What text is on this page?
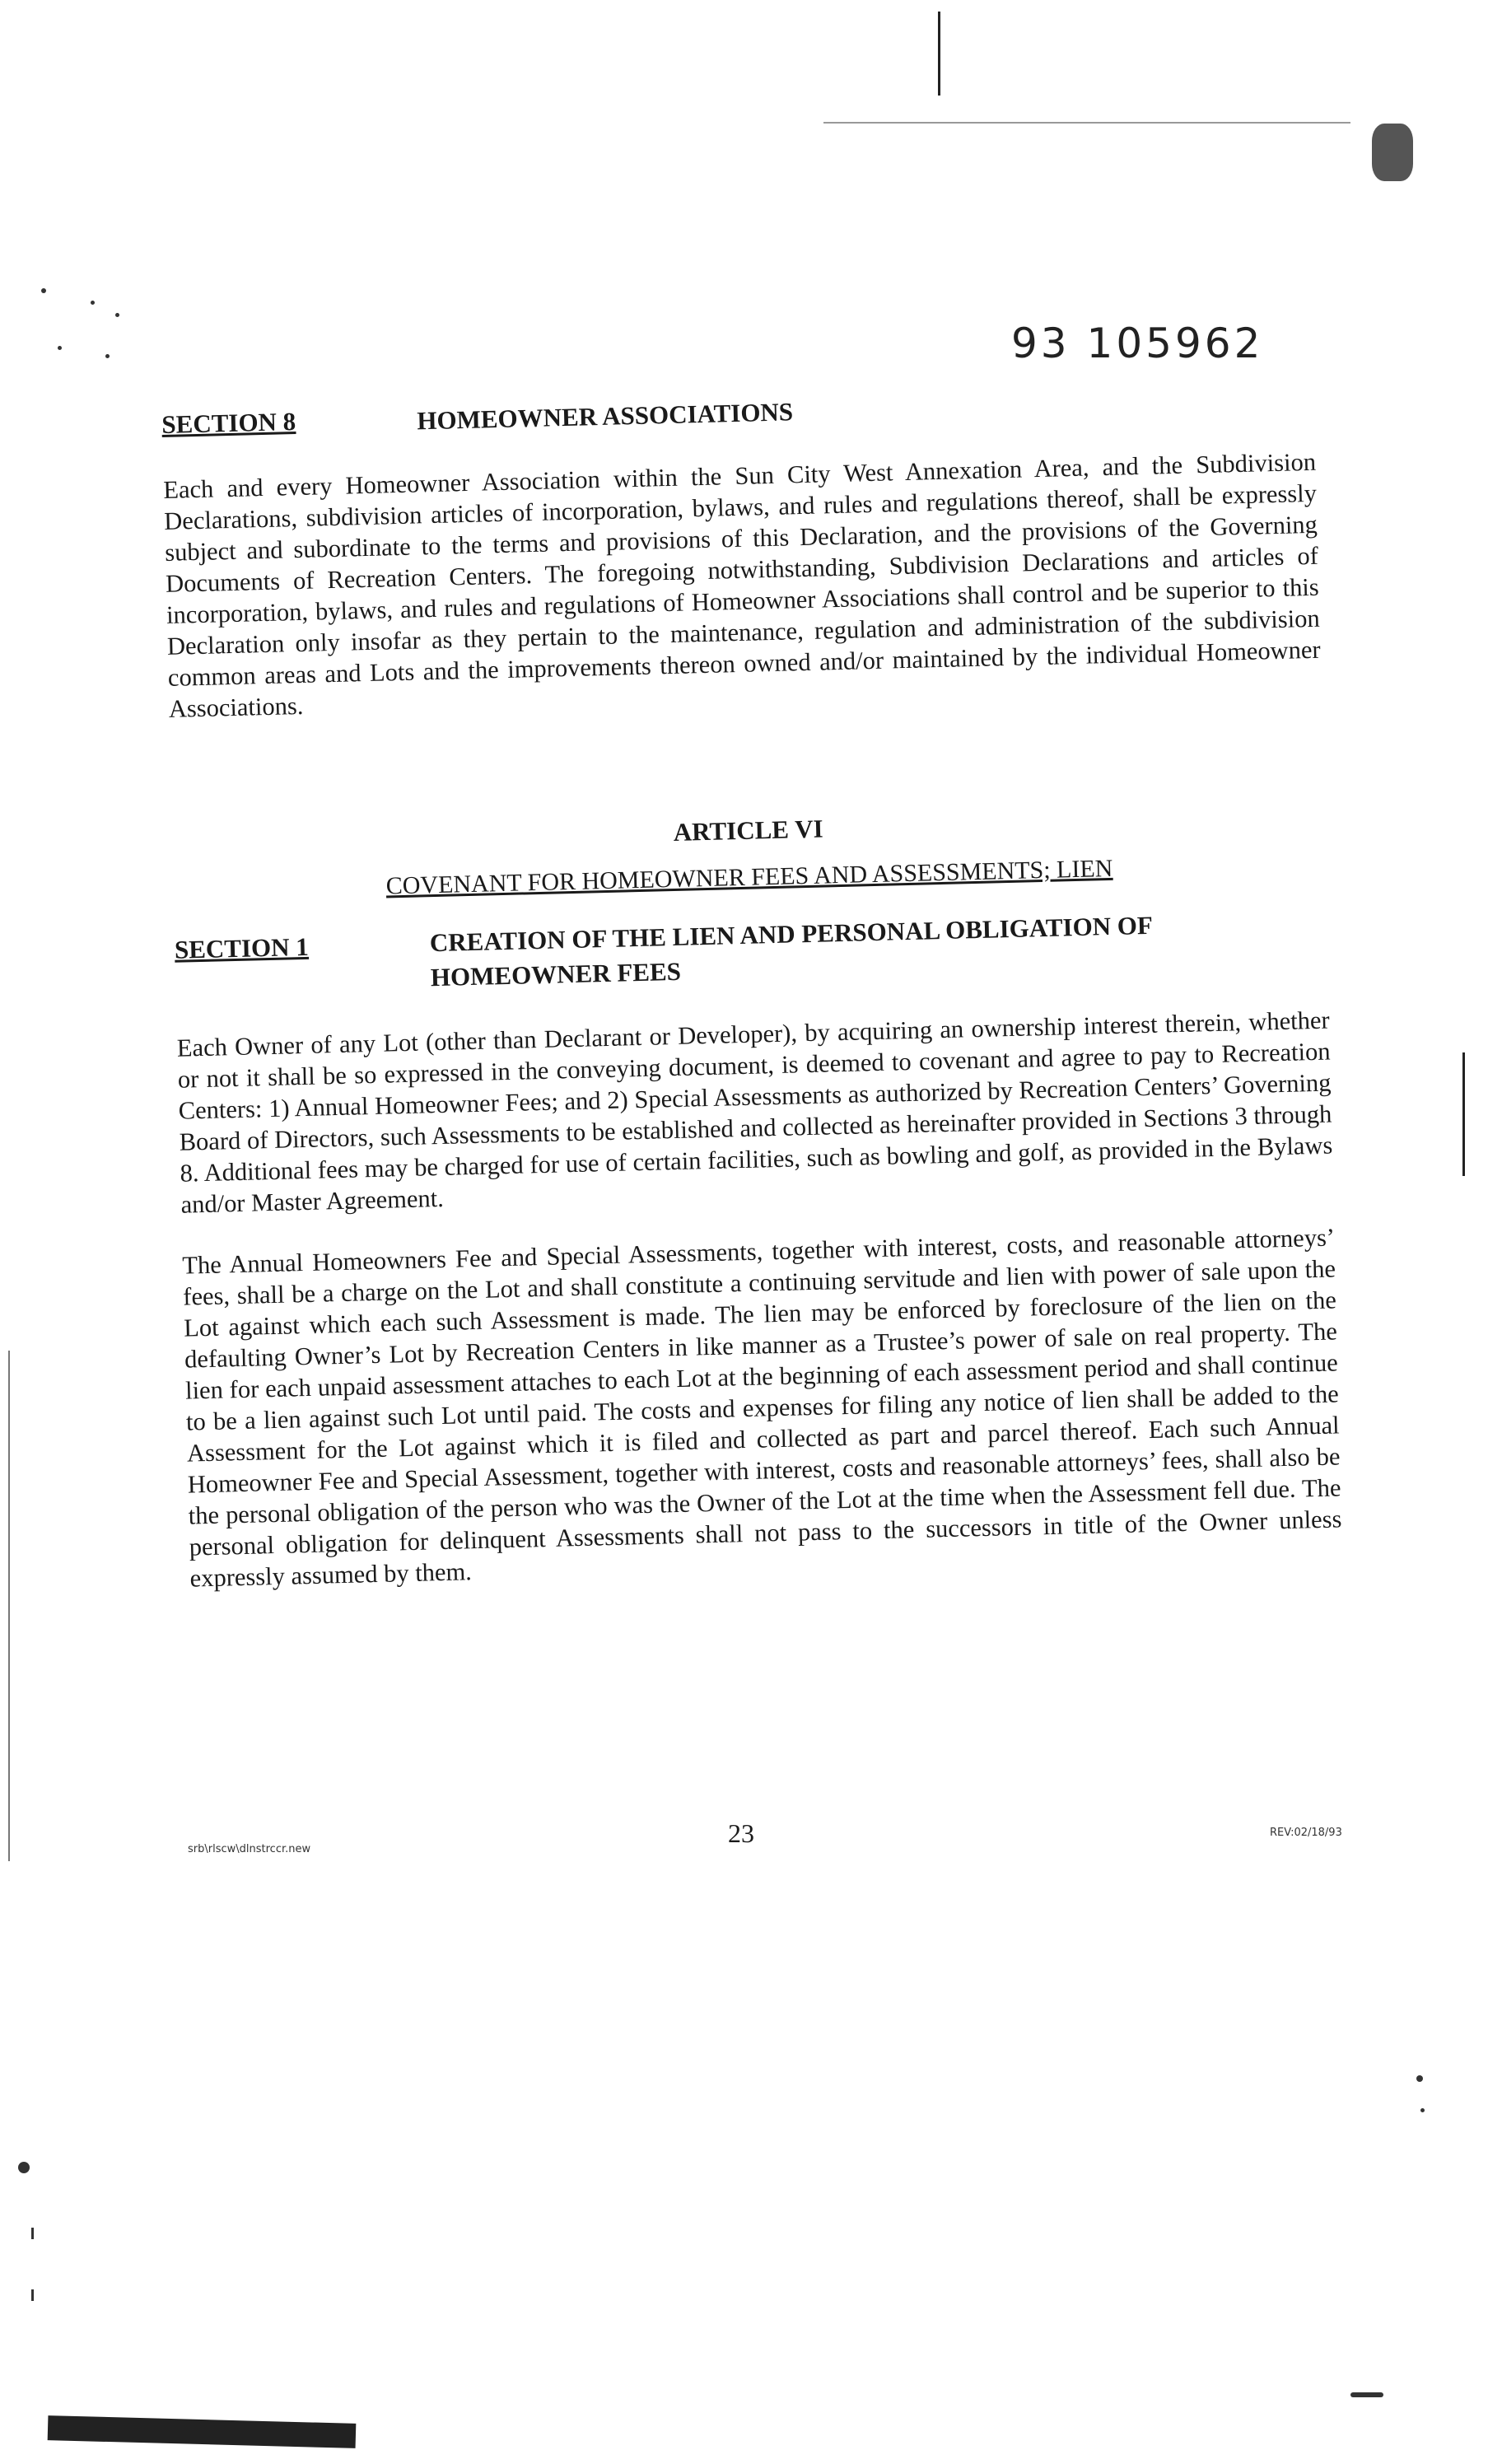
93 105962
SECTION 8	HOMEOWNER ASSOCIATIONS

Each and every Homeowner Association within the Sun City West Annexation Area, and the Subdivision Declarations, subdivision articles of incorporation, bylaws, and rules and regulations thereof, shall be expressly subject and subordinate to the terms and provisions of this Declaration, and the provisions of the Governing Documents of Recreation Centers. The foregoing notwithstanding, Subdivision Declarations and articles of incorporation, bylaws, and rules and regulations of Homeowner Associations shall control and be superior to this Declaration only insofar as they pertain to the maintenance, regulation and administration of the subdivision common areas and Lots and the improvements thereon owned and/or maintained by the individual Homeowner Associations.

ARTICLE VI
COVENANT FOR HOMEOWNER FEES AND ASSESSMENTS; LIEN
SECTION 1	CREATION OF THE LIEN AND PERSONAL OBLIGATION OF HOMEOWNER FEES

Each Owner of any Lot (other than Declarant or Developer), by acquiring an ownership interest therein, whether or not it shall be so expressed in the conveying document, is deemed to covenant and agree to pay to Recreation Centers: 1) Annual Homeowner Fees; and 2) Special Assessments as authorized by Recreation Centers’ Governing Board of Directors, such Assessments to be established and collected as hereinafter provided in Sections 3 through 8. Additional fees may be charged for use of certain facilities, such as bowling and golf, as provided in the Bylaws and/or Master Agreement.

The Annual Homeowners Fee and Special Assessments, together with interest, costs, and reasonable attorneys’ fees, shall be a charge on the Lot and shall constitute a continuing servitude and lien with power of sale upon the Lot against which each such Assessment is made. The lien may be enforced by foreclosure of the lien on the defaulting Owner’s Lot by Recreation Centers in like manner as a Trustee’s power of sale on real property. The lien for each unpaid assessment attaches to each Lot at the beginning of each assessment period and shall continue to be a lien against such Lot until paid. The costs and expenses for filing any notice of lien shall be added to the Assessment for the Lot against which it is filed and collected as part and parcel thereof. Each such Annual Homeowner Fee and Special Assessment, together with interest, costs and reasonable attorneys’ fees, shall also be the personal obligation of the person who was the Owner of the Lot at the time when the Assessment fell due. The personal obligation for delinquent Assessments shall not pass to the successors in title of the Owner unless expressly assumed by them.

srb\rlscw\dlnstrccr.new
23	REV:02/18/93
